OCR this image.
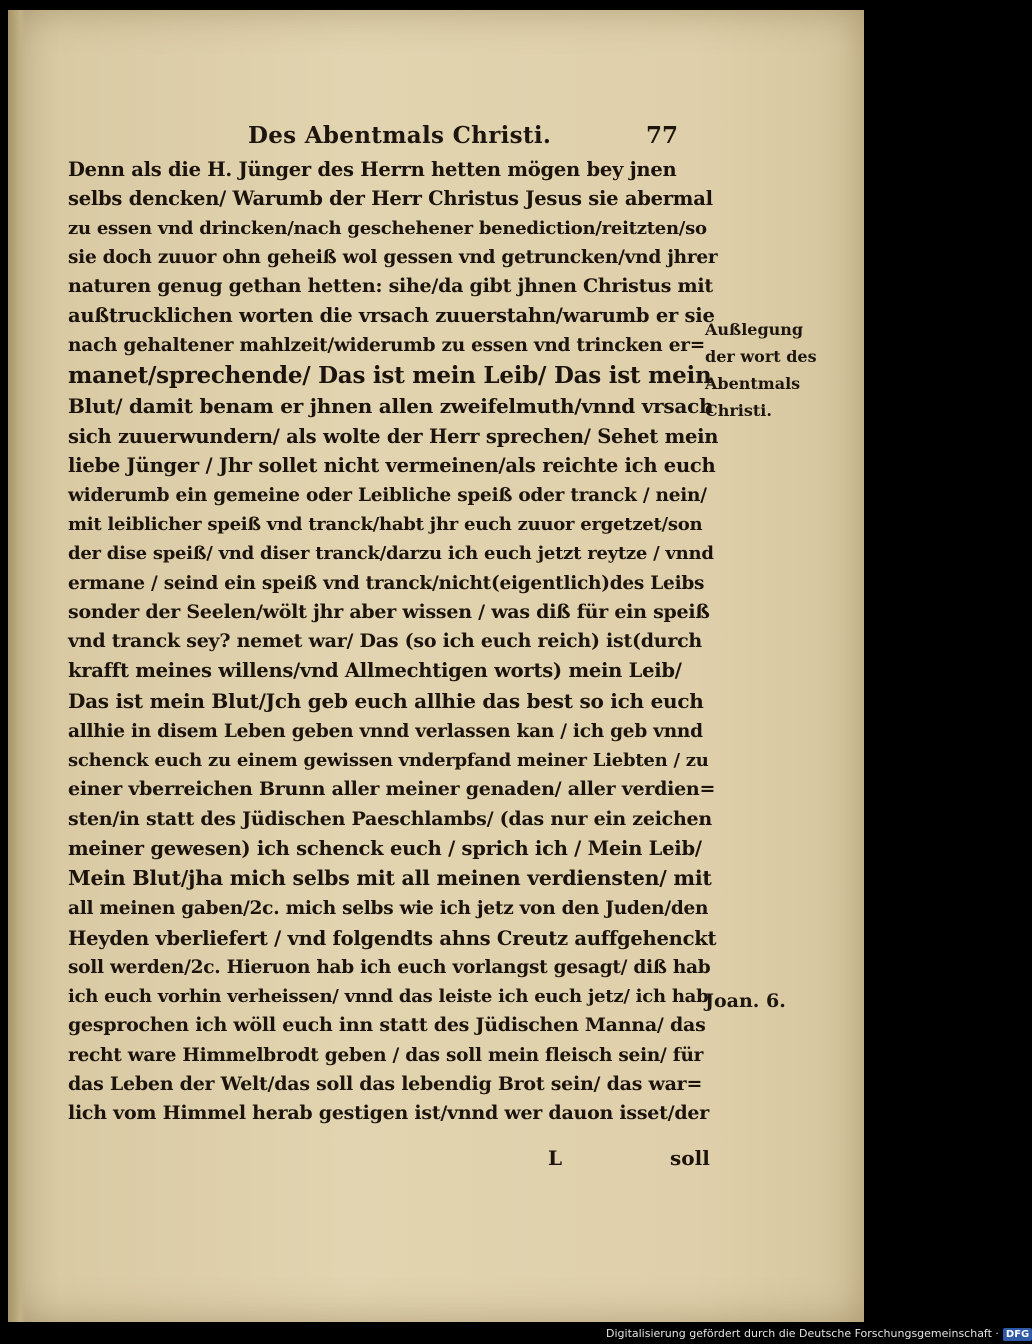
Des Abentmals Christi.	77
Denn als die H. Jünger des Herrn hetten mögen bey jnen
selbs dencken/ Warumb der Herr Christus Jesus sie abermal
zu essen vnd drincken/nach geschehener benediction/reitzten/so
sie doch zuuor ohn geheiß wol gessen vnd getruncken/vnd jhrer
naturen genug gethan hetten: sihe/da gibt jhnen Christus mit
außtrucklichen worten die vrsach zuuerstahn/warumb er sie
nach gehaltener mahlzeit/widerumb zu essen vnd trincken er=
manet/sprechende/ Das ist mein Leib/ Das ist mein
Blut/ damit benam er jhnen allen zweifelmuth/vnnd vrsach
sich zuuerwundern/ als wolte der Herr sprechen/ Sehet mein
liebe Jünger / Jhr sollet nicht vermeinen/als reichte ich euch
widerumb ein gemeine oder Leibliche speiß oder tranck / nein/
mit leiblicher speiß vnd tranck/habt jhr euch zuuor ergetzet/son
der dise speiß/ vnd diser tranck/darzu ich euch jetzt reytze / vnnd
ermane / seind ein speiß vnd tranck/nicht(eigentlich)des Leibs
sonder der Seelen/wölt jhr aber wissen / was diß für ein speiß
vnd tranck sey? nemet war/ Das (so ich euch reich) ist(durch
krafft meines willens/vnd Allmechtigen worts) mein Leib/
Das ist mein Blut/Jch geb euch allhie das best so ich euch
allhie in disem Leben geben vnnd verlassen kan / ich geb vnnd
schenck euch zu einem gewissen vnderpfand meiner Liebten / zu
einer vberreichen Brunn aller meiner genaden/ aller verdien=
sten/in statt des Jüdischen Paeschlambs/ (das nur ein zeichen
meiner gewesen) ich schenck euch / sprich ich / Mein Leib/
Mein Blut/jha mich selbs mit all meinen verdiensten/ mit
all meinen gaben/2c. mich selbs wie ich jetz von den Juden/den
Heyden vberliefert / vnd folgendts ahns Creutz auffgehenckt
soll werden/2c. Hieruon hab ich euch vorlangst gesagt/ diß hab
ich euch vorhin verheissen/ vnnd das leiste ich euch jetz/ ich hab
gesprochen ich wöll euch inn statt des Jüdischen Manna/ das
recht ware Himmelbrodt geben / das soll mein fleisch sein/ für
das Leben der Welt/das soll das lebendig Brot sein/ das war=
lich vom Himmel herab gestigen ist/vnnd wer dauon isset/der
Außlegung
der wort des
Abentmals
Christi.
Joan. 6.
L	soll
Digitalisierung gefördert durch die Deutsche Forschungsgemeinschaft · DFG
